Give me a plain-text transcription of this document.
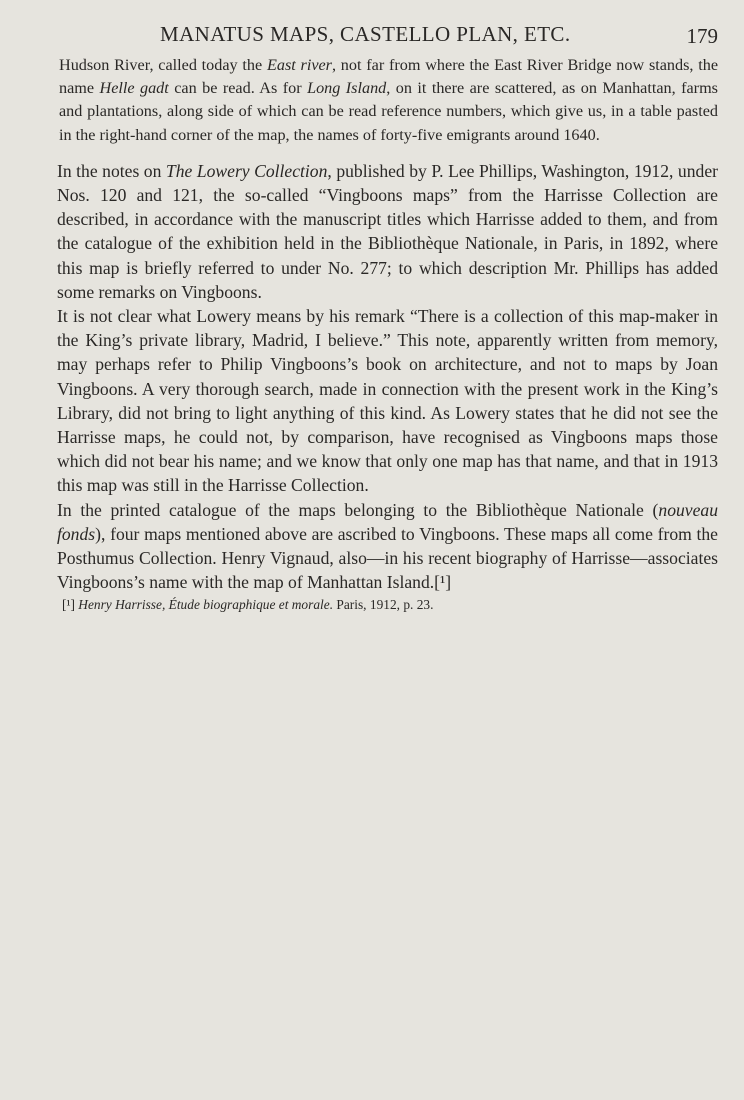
MANATUS MAPS, CASTELLO PLAN, ETC.	179

Hudson River, called today the East river, not far from where the East River Bridge now stands, the name Helle gadt can be read. As for Long Island, on it there are scattered, as on Manhattan, farms and plantations, along side of which can be read reference numbers, which give us, in a table pasted in the right-hand corner of the map, the names of forty-five emigrants around 1640.

In the notes on The Lowery Collection, published by P. Lee Phillips, Washington, 1912, under Nos. 120 and 121, the so-called “Vingboons maps” from the Harrisse Collection are described, in accordance with the manuscript titles which Harrisse added to them, and from the catalogue of the exhibition held in the Bibliothèque Nationale, in Paris, in 1892, where this map is briefly referred to under No. 277; to which description Mr. Phillips has added some remarks on Vingboons.

It is not clear what Lowery means by his remark “There is a collection of this map-maker in the King’s private library, Madrid, I believe.” This note, apparently written from memory, may perhaps refer to Philip Vingboons’s book on architecture, and not to maps by Joan Vingboons. A very thorough search, made in connection with the present work in the King’s Library, did not bring to light anything of this kind. As Lowery states that he did not see the Harrisse maps, he could not, by comparison, have recognised as Vingboons maps those which did not bear his name; and we know that only one map has that name, and that in 1913 this map was still in the Harrisse Collection.

In the printed catalogue of the maps belonging to the Bibliothèque Nationale (nouveau fonds), four maps mentioned above are ascribed to Vingboons. These maps all come from the Posthumus Collection. Henry Vignaud, also—in his recent biography of Harrisse—associates Vingboons’s name with the map of Manhattan Island.[¹]

[¹] Henry Harrisse, Étude biographique et morale. Paris, 1912, p. 23.
